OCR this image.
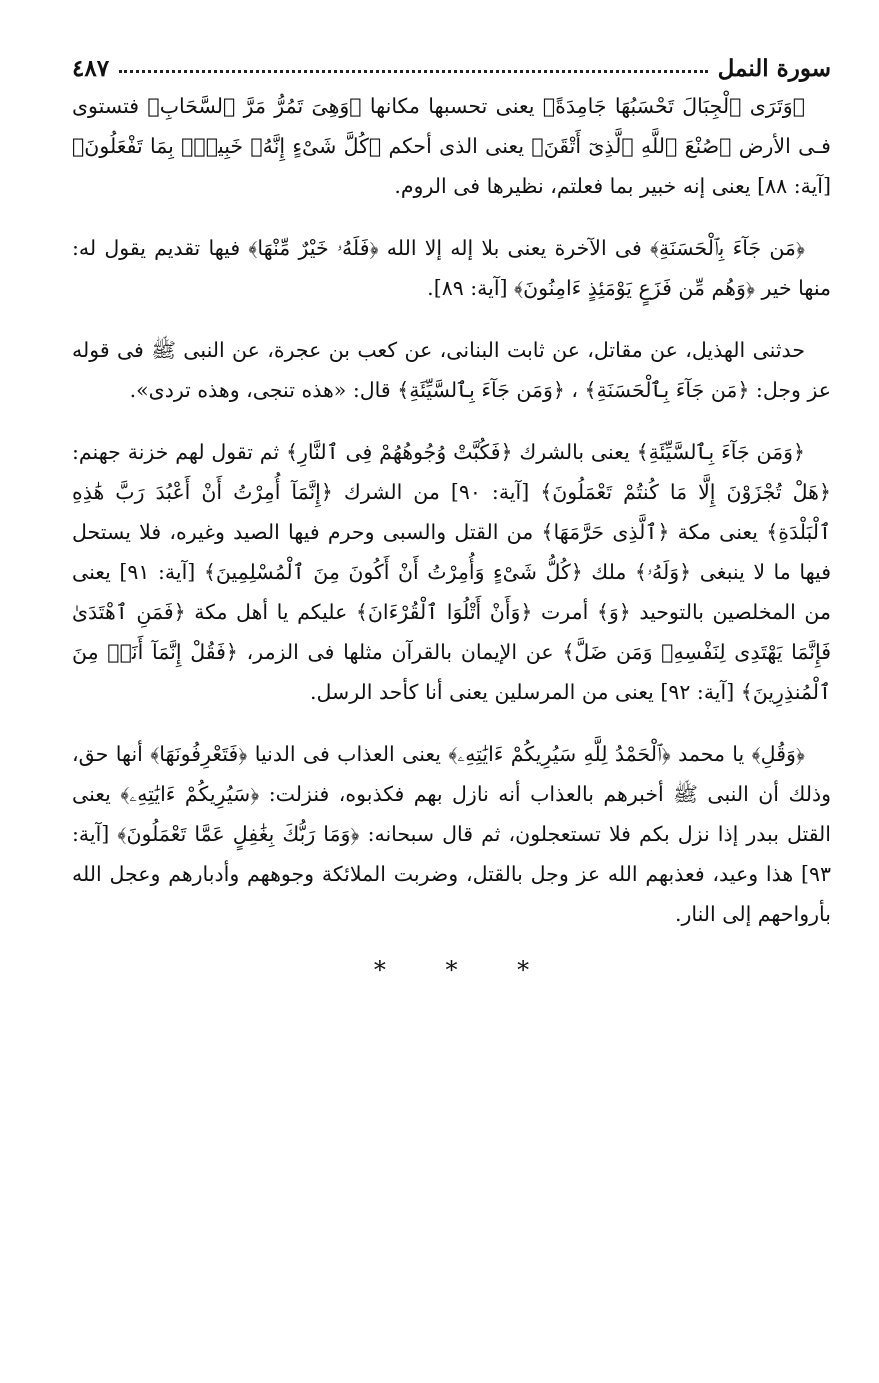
٤٨٧	سورة النمل

﴿وَتَرَى ٱلْجِبَالَ تَحْسَبُهَا جَامِدَةً﴾ يعنى تحسبها مكانها ﴿وَهِىَ تَمُرُّ مَرَّ ٱلسَّحَابِ﴾ فتستوى فـى الأرض ﴿صُنْعَ ٱللَّهِ ٱلَّذِىٓ أَتْقَنَ﴾ يعنى الذى أحكم ﴿كُلَّ شَىْءٍ إِنَّهُۥ خَبِيرٌۢ بِمَا تَفْعَلُونَ﴾ [آية: ٨٨] يعنى إنه خبير بما فعلتم، نظيرها فى الروم.

﴿مَن جَآءَ بِٱلْحَسَنَةِ﴾ فى الآخرة يعنى بلا إله إلا الله ﴿فَلَهُۥ خَيْرٌ مِّنْهَا﴾ فيها تقديم يقول له: منها خير ﴿وَهُم مِّن فَزَعٍ يَوْمَئِذٍ ءَامِنُونَ﴾ [آية: ٨٩].

حدثنى الهذيل، عن مقاتل، عن ثابت البنانى، عن كعب بن عجرة، عن النبى ﷺ فى قوله عز وجل: ﴿مَن جَآءَ بِٱلْحَسَنَةِ﴾ ، ﴿وَمَن جَآءَ بِٱلسَّيِّئَةِ﴾ قال: «هذه تنجى، وهذه تردى».

﴿وَمَن جَآءَ بِٱلسَّيِّئَةِ﴾ يعنى بالشرك ﴿فَكُبَّتْ وُجُوهُهُمْ فِى ٱلنَّارِ﴾ ثم تقول لهم خزنة جهنم: ﴿هَلْ تُجْزَوْنَ إِلَّا مَا كُنتُمْ تَعْمَلُونَ﴾ [آية: ٩٠] من الشرك ﴿إِنَّمَآ أُمِرْتُ أَنْ أَعْبُدَ رَبَّ هَٰذِهِ ٱلْبَلْدَةِ﴾ يعنى مكة ﴿ٱلَّذِى حَرَّمَهَا﴾ من القتل والسبى وحرم فيها الصيد وغيره، فلا يستحل فيها ما لا ينبغى ﴿وَلَهُۥ﴾ ملك ﴿كُلُّ شَىْءٍ وَأُمِرْتُ أَنْ أَكُونَ مِنَ ٱلْمُسْلِمِينَ﴾ [آية: ٩١] يعنى من المخلصين بالتوحيد ﴿وَ﴾ أمرت ﴿وَأَنْ أَتْلُوَا ٱلْقُرْءَانَ﴾ عليكم يا أهل مكة ﴿فَمَنِ ٱهْتَدَىٰ فَإِنَّمَا يَهْتَدِى لِنَفْسِهِۦ وَمَن ضَلَّ﴾ عن الإيمان بالقرآن مثلها فى الزمر، ﴿فَقُلْ إِنَّمَآ أَنَا۠ مِنَ ٱلْمُنذِرِينَ﴾ [آية: ٩٢] يعنى من المرسلين يعنى أنا كأحد الرسل.

﴿وَقُلِ﴾ يا محمد ﴿ٱلْحَمْدُ لِلَّهِ سَيُرِيكُمْ ءَايَٰتِهِۦ﴾ يعنى العذاب فى الدنيا ﴿فَتَعْرِفُونَهَا﴾ أنها حق، وذلك أن النبى ﷺ أخبرهم بالعذاب أنه نازل بهم فكذبوه، فنزلت: ﴿سَيُرِيكُمْ ءَايَٰتِهِۦ﴾ يعنى القتل ببدر إذا نزل بكم فلا تستعجلون، ثم قال سبحانه: ﴿وَمَا رَبُّكَ بِغَٰفِلٍ عَمَّا تَعْمَلُونَ﴾ [آية: ٩٣] هذا وعيد، فعذبهم الله عز وجل بالقتل، وضربت الملائكة وجوههم وأدبارهم وعجل الله بأرواحهم إلى النار.

* * *
